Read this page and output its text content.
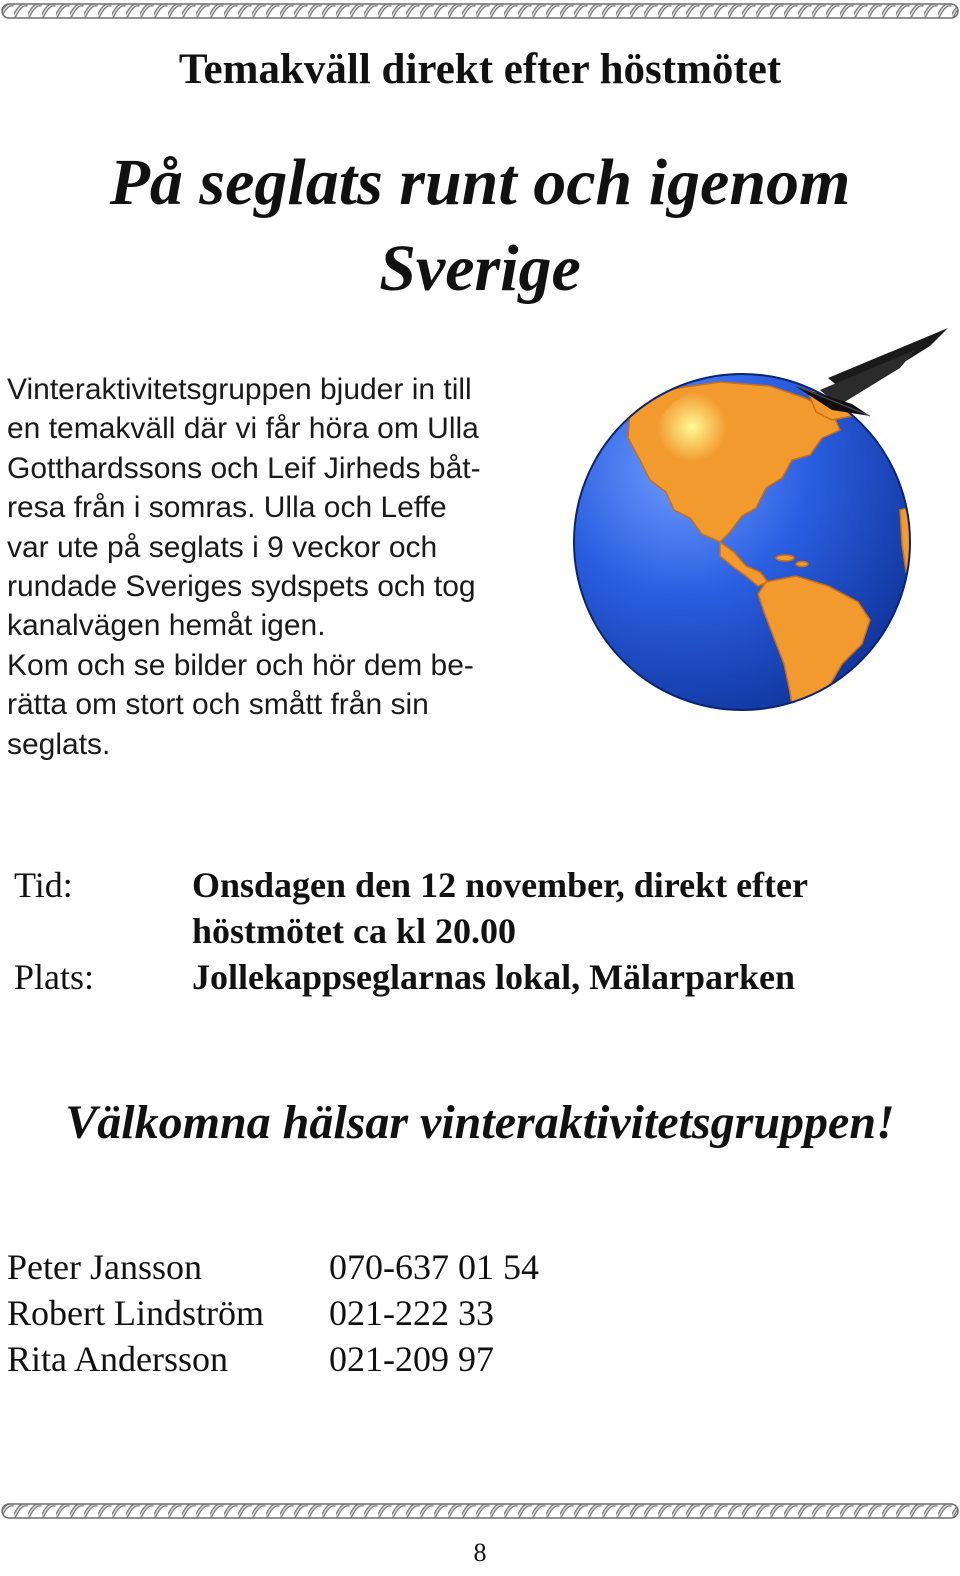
Temakväll direkt efter höstmötet
På seglats runt och igenom
Sverige

Vinteraktivitetsgruppen bjuder in till
en temakväll där vi får höra om Ulla
Gotthardssons och Leif Jirheds båt-
resa från i somras. Ulla och Leffe
var ute på seglats i 9 veckor och
rundade Sveriges sydspets och tog
kanalvägen hemåt igen.
Kom och se bilder och hör dem be-
rätta om stort och smått från sin
seglats.

Tid:	Onsdagen den 12 november, direkt efter
höstmötet ca kl 20.00
Plats:	Jollekappseglarnas lokal, Mälarparken
Välkomna hälsar vinteraktivitetsgruppen!
Peter Jansson	070-637 01 54
Robert Lindström 021-222 33
Rita Andersson	021-209 97
8
